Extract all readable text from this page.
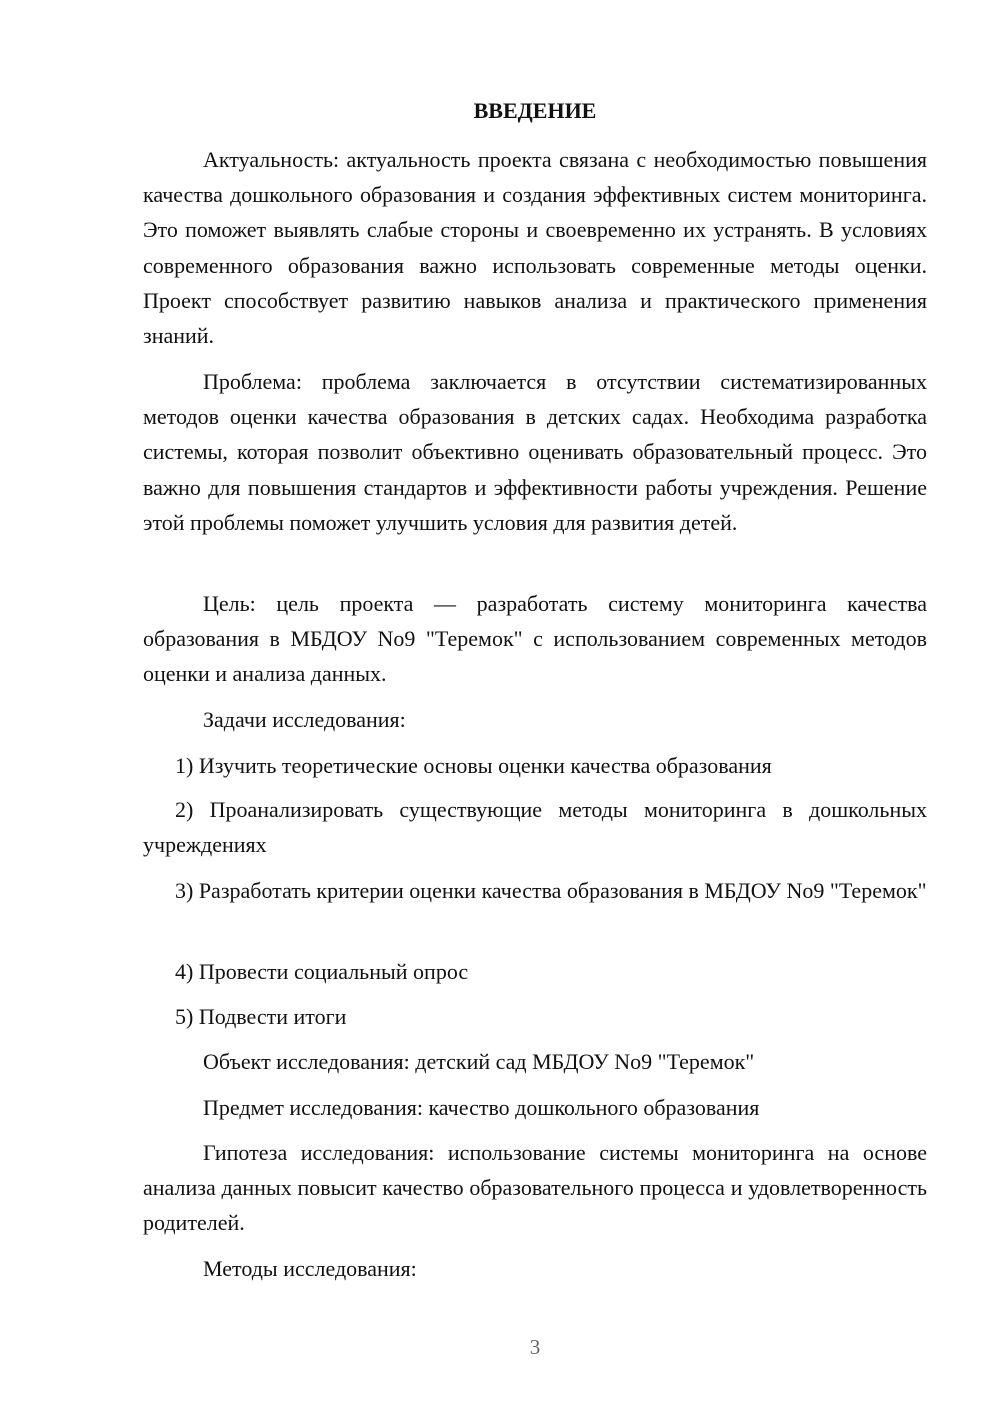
ВВЕДЕНИЕ

Актуальность: актуальность проекта связана с необходимостью повышения качества дошкольного образования и создания эффективных систем мониторинга. Это поможет выявлять слабые стороны и своевременно их устранять. В условиях современного образования важно использовать современные методы оценки. Проект способствует развитию навыков анализа и практического применения знаний.

Проблема: проблема заключается в отсутствии систематизированных методов оценки качества образования в детских садах. Необходима разработка системы, которая позволит объективно оценивать образовательный процесс. Это важно для повышения стандартов и эффективности работы учреждения. Решение этой проблемы поможет улучшить условия для развития детей.

Цель: цель проекта — разработать систему мониторинга качества образования в МБДОУ No9 "Теремок" с использованием современных методов оценки и анализа данных.

Задачи исследования:

1) Изучить теоретические основы оценки качества образования

2) Проанализировать существующие методы мониторинга в дошкольных учреждениях

3) Разработать критерии оценки качества образования в МБДОУ No9 "Теремок"

4) Провести социальный опрос

5) Подвести итоги

Объект исследования: детский сад МБДОУ No9 "Теремок"

Предмет исследования: качество дошкольного образования

Гипотеза исследования: использование системы мониторинга на основе анализа данных повысит качество образовательного процесса и удовлетворенность родителей.

Методы исследования:

3
